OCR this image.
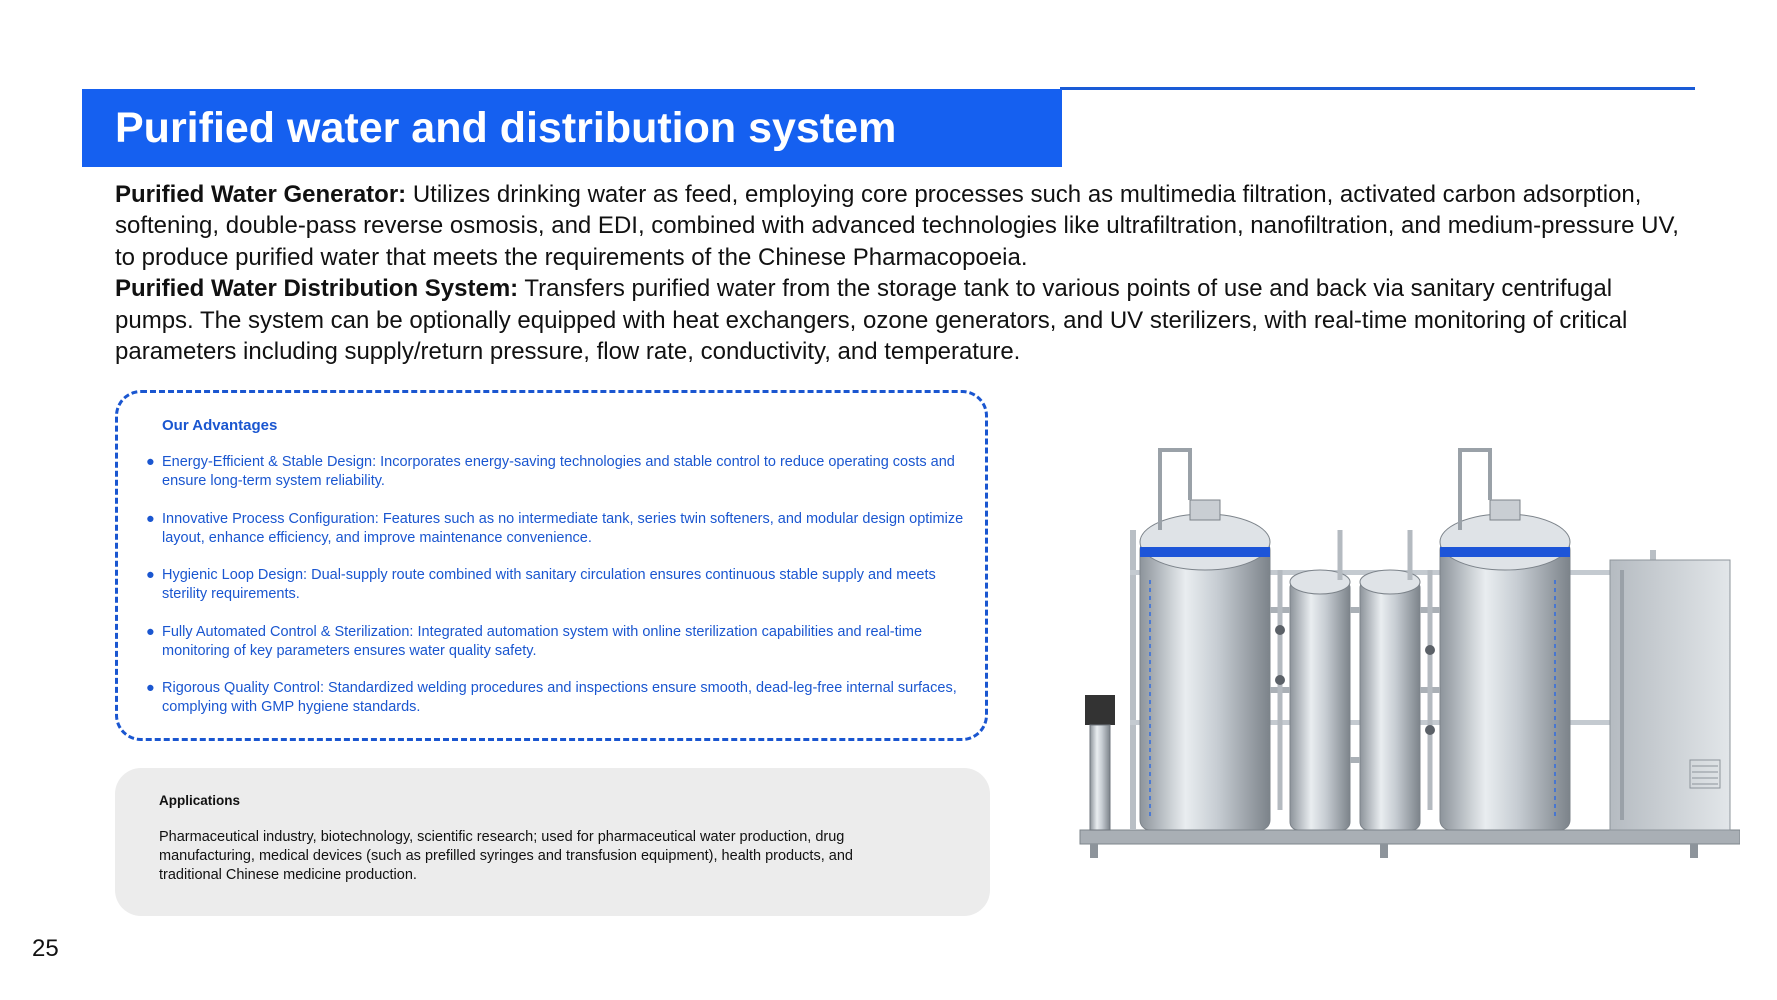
Purified water and distribution system

Purified Water Generator: Utilizes drinking water as feed, employing core processes such as multimedia filtration, activated carbon adsorption, softening, double-pass reverse osmosis, and EDI, combined with advanced technologies like ultrafiltration, nanofiltration, and medium-pressure UV, to produce purified water that meets the requirements of the Chinese Pharmacopoeia.

Purified Water Distribution System: Transfers purified water from the storage tank to various points of use and back via sanitary centrifugal pumps. The system can be optionally equipped with heat exchangers, ozone generators, and UV sterilizers, with real-time monitoring of critical parameters including supply/return pressure, flow rate, conductivity, and temperature.

Our Advantages
● Energy-Efficient & Stable Design: Incorporates energy-saving technologies and stable control to reduce operating costs and ensure long-term system reliability.
● Innovative Process Configuration: Features such as no intermediate tank, series twin softeners, and modular design optimize layout, enhance efficiency, and improve maintenance convenience.
● Hygienic Loop Design: Dual-supply route combined with sanitary circulation ensures continuous stable supply and meets sterility requirements.
● Fully Automated Control & Sterilization: Integrated automation system with online sterilization capabilities and real-time monitoring of key parameters ensures water quality safety.
● Rigorous Quality Control: Standardized welding procedures and inspections ensure smooth, dead-leg-free internal surfaces, complying with GMP hygiene standards.
Applications
Pharmaceutical industry, biotechnology, scientific research; used for pharmaceutical water production, drug manufacturing, medical devices (such as prefilled syringes and transfusion equipment), health products, and traditional Chinese medicine production.
25
